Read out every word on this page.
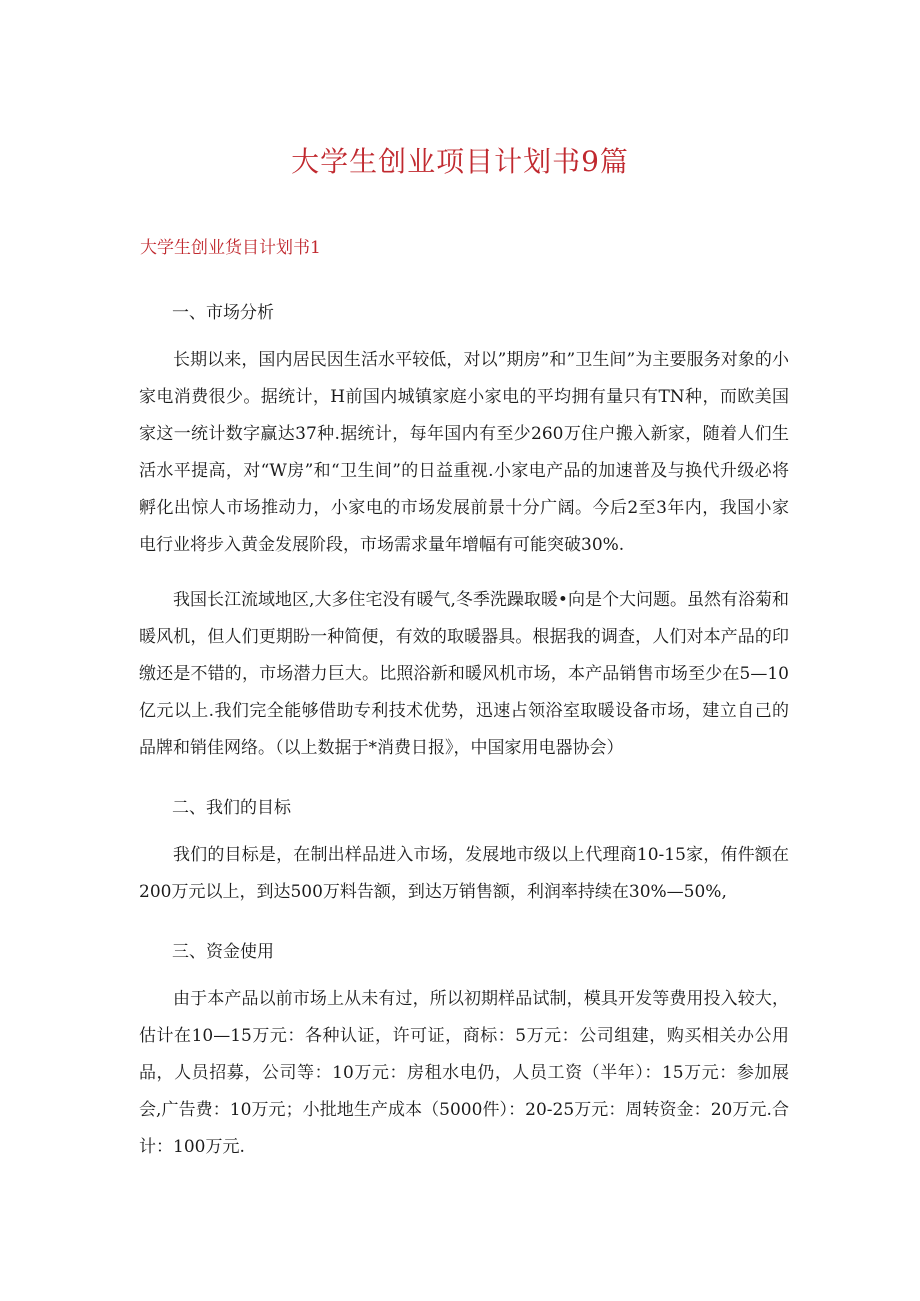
大学生创业项目计划书9篇
大学生创业货目计划书1
一、市场分析

长期以来，国内居民因生活水平较低，对以”期房”和”卫生间”为主要服务对象的小家电消费很少。据统计，H前国内城镇家庭小家电的平均拥有量只有TN种，而欧美国家这一统计数字赢达37种.据统计，每年国内有至少260万住户搬入新家，随着人们生活水平提高，对“W房”和“卫生间”的日益重视.小家电产品的加速普及与换代升级必将孵化出惊人市场推动力，小家电的市场发展前景十分广阔。今后2至3年内，我国小家电行业将步入黄金发展阶段，市场需求量年增幅有可能突破30%.

我国长江流域地区,大多住宅没有暖气,冬季洗躁取暖•向是个大问题。虽然有浴菊和暖风机，但人们更期盼一种简便，有效的取暖器具。根据我的调查，人们对本产品的印缴还是不错的，市场潜力巨大。比照浴新和暖风机市场，本产品销售市场至少在5—10亿元以上.我们完全能够借助专利技术优势，迅速占领浴室取暖设备市场，建立自己的品牌和销佳网络。（以上数据于*消费日报》，中国家用电器协会）

二、我们的目标

我们的目标是，在制出样品进入市场，发展地市级以上代理商10-15家，侑件额在200万元以上，到达500万料告额，到达万销售额，利润率持续在30%—50%,

三、资金使用

由于本产品以前市场上从未有过，所以初期样品试制，模具开发等费用投入较大，估计在10—15万元：各种认证，许可证，商标：5万元：公司组建，购买相关办公用品，人员招募，公司等：10万元：房租水电仍，人员工资（半年）：15万元：参加展会,广告费：10万元；小批地生产成本（5000件）：20-25万元：周转资金：20万元.合计：100万元.
